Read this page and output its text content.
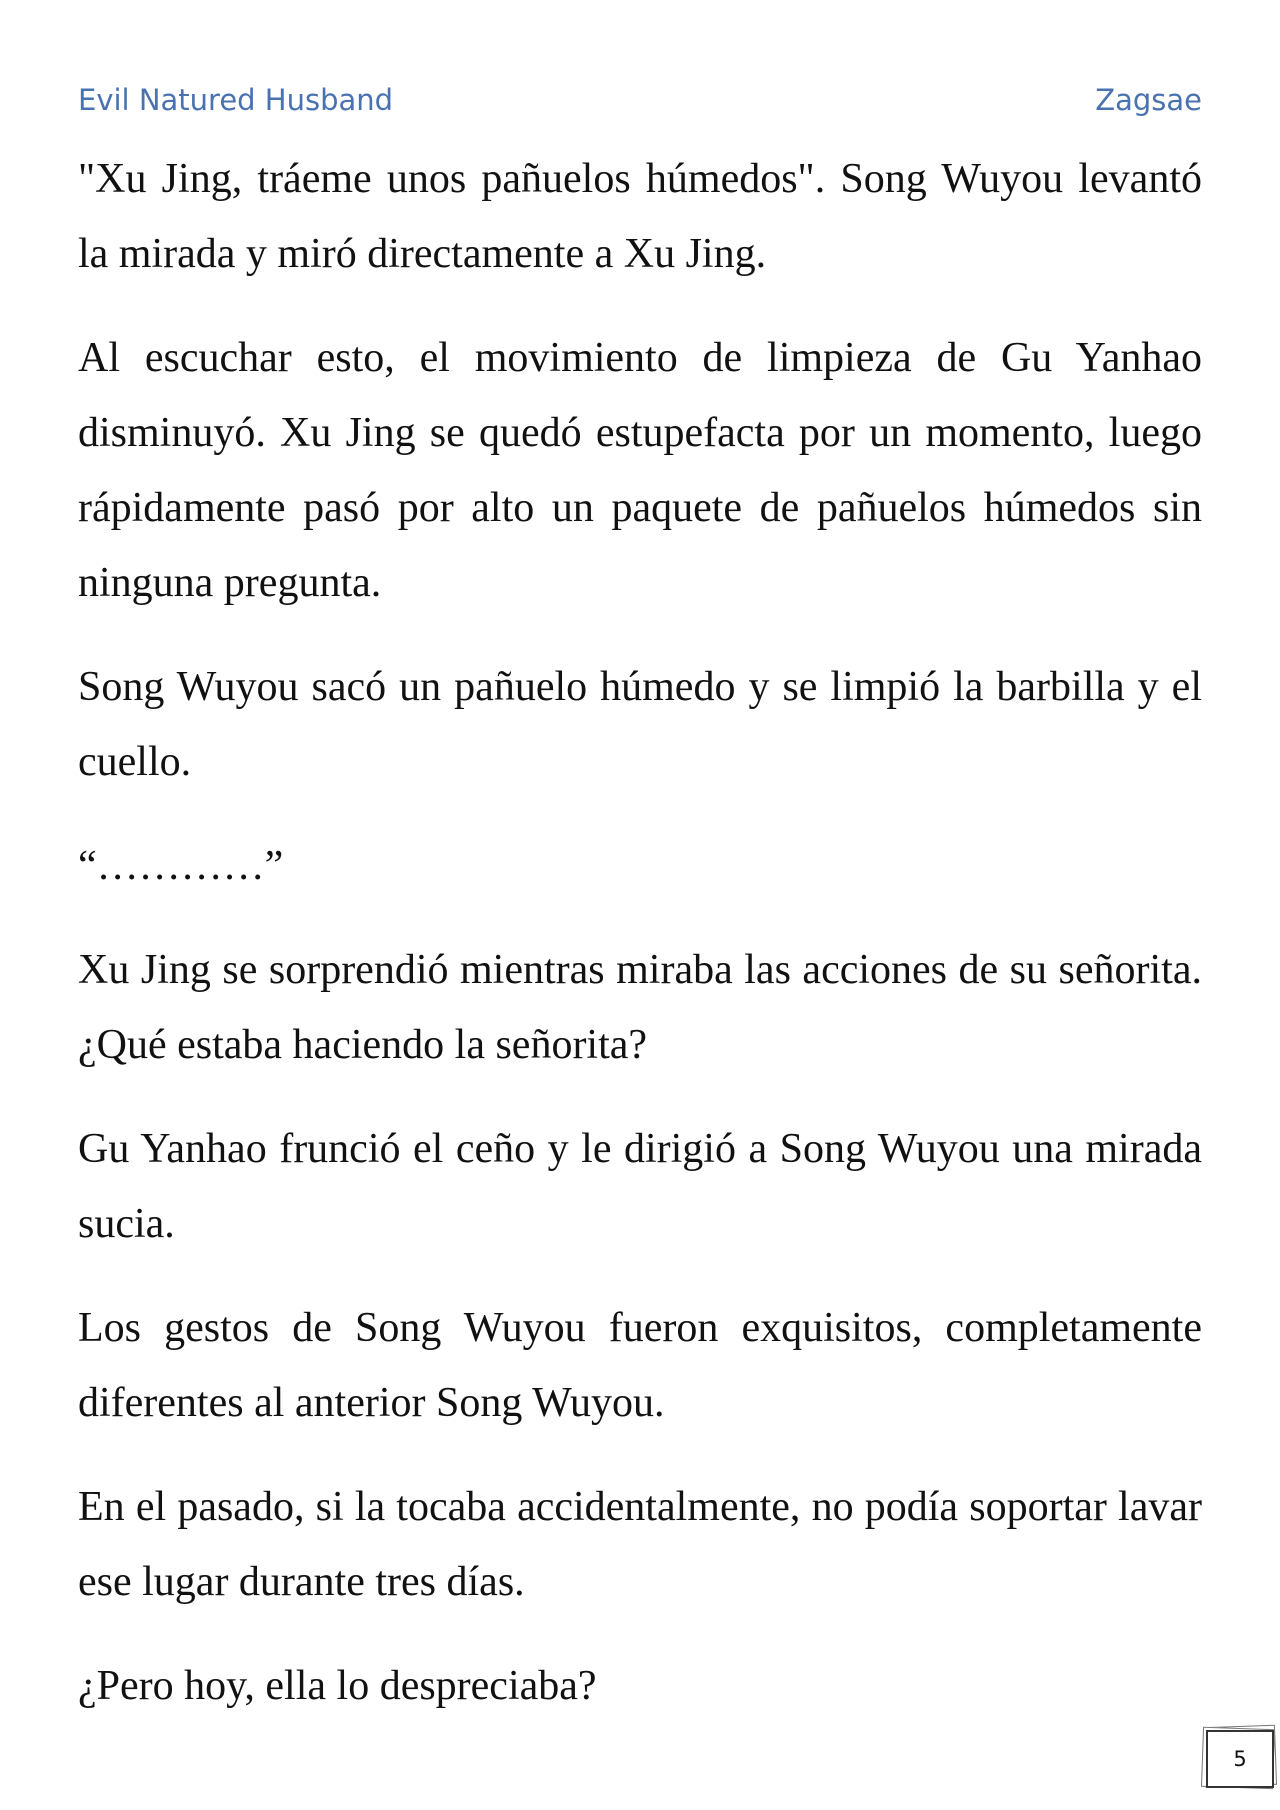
Evil Natured Husband	Zagsae

"Xu Jing, tráeme unos pañuelos húmedos". Song Wuyou levantó la mirada y miró directamente a Xu Jing.

Al escuchar esto, el movimiento de limpieza de Gu Yanhao disminuyó. Xu Jing se quedó estupefacta por un momento, luego rápidamente pasó por alto un paquete de pañuelos húmedos sin ninguna pregunta.

Song Wuyou sacó un pañuelo húmedo y se limpió la barbilla y el cuello.

“…………”

Xu Jing se sorprendió mientras miraba las acciones de su señorita. ¿Qué estaba haciendo la señorita?

Gu Yanhao frunció el ceño y le dirigió a Song Wuyou una mirada sucia.

Los gestos de Song Wuyou fueron exquisitos, completamente diferentes al anterior Song Wuyou.

En el pasado, si la tocaba accidentalmente, no podía soportar lavar ese lugar durante tres días.

¿Pero hoy, ella lo despreciaba?

5
